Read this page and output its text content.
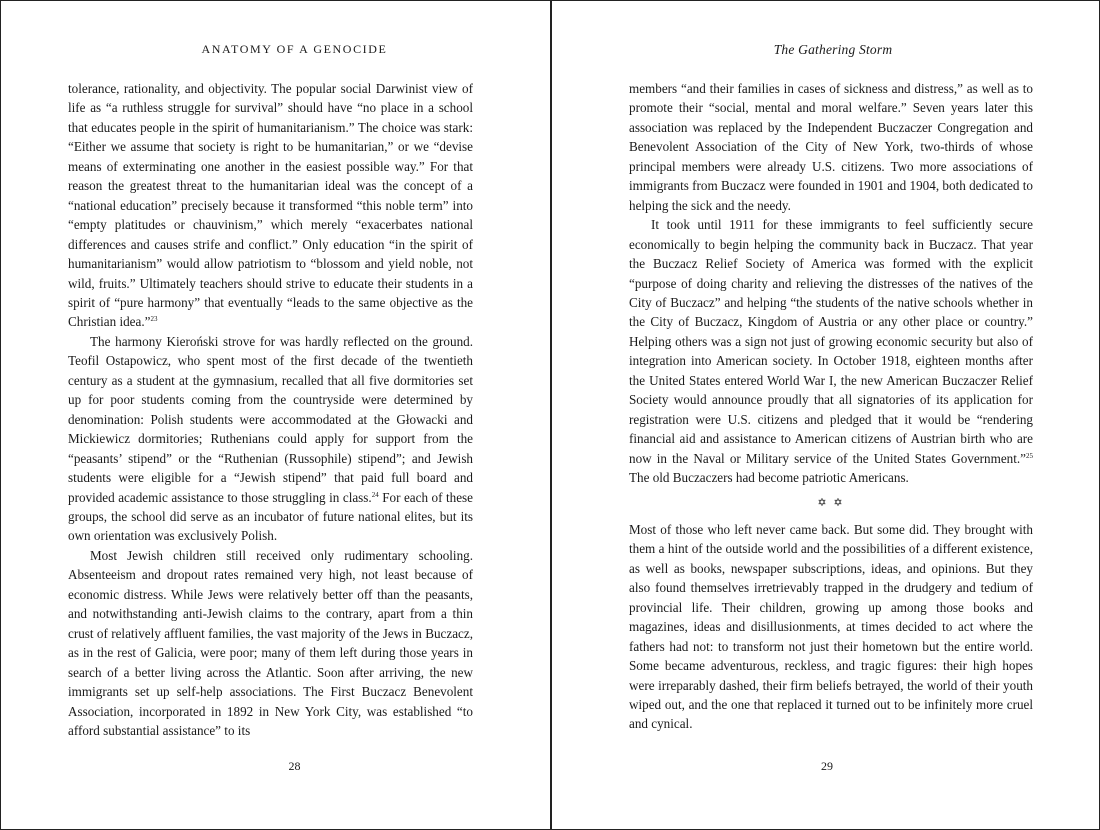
ANATOMY OF A GENOCIDE

tolerance, rationality, and objectivity. The popular social Darwinist view of life as “a ruthless struggle for survival” should have “no place in a school that educates people in the spirit of humanitarianism.” The choice was stark: “Either we assume that society is right to be humanitarian,” or we “devise means of exterminating one another in the easiest possible way.” For that reason the greatest threat to the humanitarian ideal was the concept of a “national education” precisely because it transformed “this noble term” into “empty platitudes or chauvinism,” which merely “exacerbates national differences and causes strife and conflict.” Only education “in the spirit of humanitarianism” would allow patriotism to “blossom and yield noble, not wild, fruits.” Ultimately teachers should strive to educate their students in a spirit of “pure harmony” that eventually “leads to the same objective as the Christian idea.”$^{23}$

The harmony Kieroński strove for was hardly reflected on the ground. Teofil Ostapowicz, who spent most of the first decade of the twentieth century as a student at the gymnasium, recalled that all five dormitories set up for poor students coming from the countryside were determined by denomination: Polish students were accommodated at the Głowacki and Mickiewicz dormitories; Ruthenians could apply for support from the “peasants’ stipend” or the “Ruthenian (Russophile) stipend”; and Jewish students were eligible for a “Jewish stipend” that paid full board and provided academic assistance to those struggling in class.$^{24}$ For each of these groups, the school did serve as an incubator of future national elites, but its own orientation was exclusively Polish.

Most Jewish children still received only rudimentary schooling. Absenteeism and dropout rates remained very high, not least because of economic distress. While Jews were relatively better off than the peasants, and notwithstanding anti-Jewish claims to the contrary, apart from a thin crust of relatively affluent families, the vast majority of the Jews in Buczacz, as in the rest of Galicia, were poor; many of them left during those years in search of a better living across the Atlantic. Soon after arriving, the new immigrants set up self-help associations. The First Buczacz Benevolent Association, incorporated in 1892 in New York City, was established “to afford substantial assistance” to its

28
The Gathering Storm

members “and their families in cases of sickness and distress,” as well as to promote their “social, mental and moral welfare.” Seven years later this association was replaced by the Independent Buczaczer Congregation and Benevolent Association of the City of New York, two-thirds of whose principal members were already U.S. citizens. Two more associations of immigrants from Buczacz were founded in 1901 and 1904, both dedicated to helping the sick and the needy.

It took until 1911 for these immigrants to feel sufficiently secure economically to begin helping the community back in Buczacz. That year the Buczacz Relief Society of America was formed with the explicit “purpose of doing charity and relieving the distresses of the natives of the City of Buczacz” and helping “the students of the native schools whether in the City of Buczacz, Kingdom of Austria or any other place or country.” Helping others was a sign not just of growing economic security but also of integration into American society. In October 1918, eighteen months after the United States entered World War I, the new American Buczaczer Relief Society would announce proudly that all signatories of its application for registration were U.S. citizens and pledged that it would be “rendering financial aid and assistance to American citizens of Austrian birth who are now in the Naval or Military service of the United States Government.”$^{25}$ The old Buczaczers had become patriotic Americans.

✡ ✡

Most of those who left never came back. But some did. They brought with them a hint of the outside world and the possibilities of a different existence, as well as books, newspaper subscriptions, ideas, and opinions. But they also found themselves irretrievably trapped in the drudgery and tedium of provincial life. Their children, growing up among those books and magazines, ideas and disillusionments, at times decided to act where the fathers had not: to transform not just their hometown but the entire world. Some became adventurous, reckless, and tragic figures: their high hopes were irreparably dashed, their firm beliefs betrayed, the world of their youth wiped out, and the one that replaced it turned out to be infinitely more cruel and cynical.

29
